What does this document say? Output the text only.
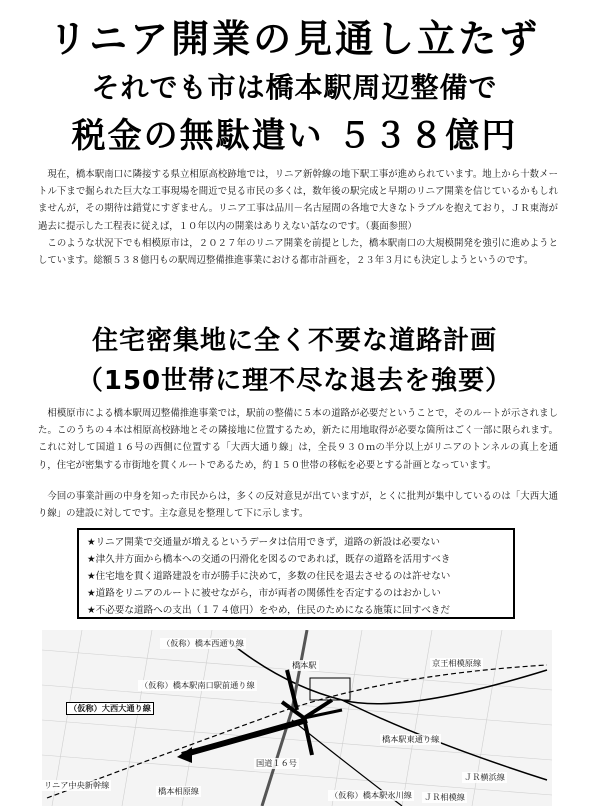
リニア開業の見通し立たず
それでも市は橋本駅周辺整備で
税金の無駄遣い ５３８億円

現在，橋本駅南口に隣接する県立相原高校跡地では，リニア新幹線の地下駅工事が進められています。地上から十数メートル下まで掘られた巨大な工事現場を間近で見る市民の多くは，数年後の駅完成と早期のリニア開業を信じているかもしれませんが，その期待は錯覚にすぎません。リニア工事は品川－名古屋間の各地で大きなトラブルを抱えており，ＪＲ東海が過去に提示した工程表に従えば，１０年以内の開業はありえない話なのです。（裏面参照）

このような状況下でも相模原市は，２０２７年のリニア開業を前提とした，橋本駅南口の大規模開発を強引に進めようとしています。総額５３８億円もの駅周辺整備推進事業における都市計画を，２３年３月にも決定しようというのです。

住宅密集地に全く不要な道路計画
（150世帯に理不尽な退去を強要）

相模原市による橋本駅周辺整備推進事業では，駅前の整備に５本の道路が必要だということで，そのルートが示されました。このうちの４本は相原高校跡地とその隣接地に位置するため，新たに用地取得が必要な箇所はごく一部に限られます。これに対して国道１６号の西側に位置する「大西大通り線」は，全長９３０ｍの半分以上がリニアのトンネルの真上を通り，住宅が密集する市街地を貫くルートであるため，約１５０世帯の移転を必要とする計画となっています。

今回の事業計画の中身を知った市民からは，多くの反対意見が出ていますが，とくに批判が集中しているのは「大西大通り線」の建設に対してです。主な意見を整理して下に示します。

★リニア開業で交通量が増えるというデータは信用できず，道路の新設は必要ない
★津久井方面から橋本への交通の円滑化を図るのであれば，既存の道路を活用すべき
★住宅地を貫く道路建設を市が勝手に決めて，多数の住民を退去させるのは許せない
★道路をリニアのルートに被せながら，市が両者の関係性を否定するのはおかしい
★不必要な道路への支出（１７４億円）をやめ，住民のためになる施策に回すべきだ
（仮称）橋本西通り線
（仮称）橋本駅南口駅前通り線
（仮称）大西大通り線
橋本駅	京王相模原線
橋本駅東通り線
リニア中央新幹線
橋本相原線
国道１６号
（仮称）橋本駅氷川線
ＪＲ横浜線
ＪＲ相模線
